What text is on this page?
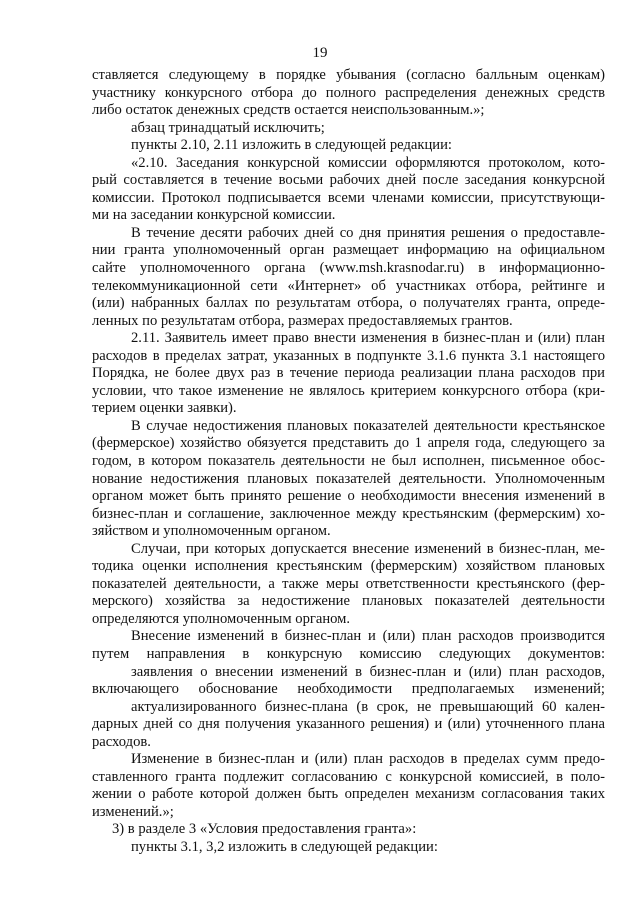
19
ставляется следующему в порядке убывания (согласно балльным оценкам)
участнику конкурсного отбора до полного распределения денежных средств
либо остаток денежных средств остается неиспользованным.»;
абзац тринадцатый исключить;
пункты 2.10, 2.11 изложить в следующей редакции:
«2.10. Заседания конкурсной комиссии оформляются протоколом, кото-
рый составляется в течение восьми рабочих дней после заседания конкурсной
комиссии. Протокол подписывается всеми членами комиссии, присутствующи-
ми на заседании конкурсной комиссии.
В течение десяти рабочих дней со дня принятия решения о предоставле-
нии гранта уполномоченный орган размещает информацию на официальном
сайте уполномоченного органа (www.msh.krasnodar.ru) в информационно-
телекоммуникационной сети «Интернет» об участниках отбора, рейтинге и
(или) набранных баллах по результатам отбора, о получателях гранта, опреде-
ленных по результатам отбора, размерах предоставляемых грантов.
2.11. Заявитель имеет право внести изменения в бизнес-план и (или) план
расходов в пределах затрат, указанных в подпункте 3.1.6 пункта 3.1 настоящего
Порядка, не более двух раз в течение периода реализации плана расходов при
условии, что такое изменение не являлось критерием конкурсного отбора (кри-
терием оценки заявки).
В случае недостижения плановых показателей деятельности крестьянское
(фермерское) хозяйство обязуется представить до 1 апреля года, следующего за
годом, в котором показатель деятельности не был исполнен, письменное обос-
нование недостижения плановых показателей деятельности. Уполномоченным
органом может быть принято решение о необходимости внесения изменений в
бизнес-план и соглашение, заключенное между крестьянским (фермерским) хо-
зяйством и уполномоченным органом.
Случаи, при которых допускается внесение изменений в бизнес-план, ме-
тодика оценки исполнения крестьянским (фермерским) хозяйством плановых
показателей деятельности, а также меры ответственности крестьянского (фер-
мерского) хозяйства за недостижение плановых показателей деятельности
определяются уполномоченным органом.
Внесение изменений в бизнес-план и (или) план расходов производится
путем направления в конкурсную комиссию следующих документов:
заявления о внесении изменений в бизнес-план и (или) план расходов,
включающего обоснование необходимости предполагаемых изменений;
актуализированного бизнес-плана (в срок, не превышающий 60 кален-
дарных дней со дня получения указанного решения) и (или) уточненного плана
расходов.
Изменение в бизнес-план и (или) план расходов в пределах сумм предо-
ставленного гранта подлежит согласованию с конкурсной комиссией, в поло-
жении о работе которой должен быть определен механизм согласования таких
изменений.»;
3) в разделе 3 «Условия предоставления гранта»:
пункты 3.1, 3,2 изложить в следующей редакции:
